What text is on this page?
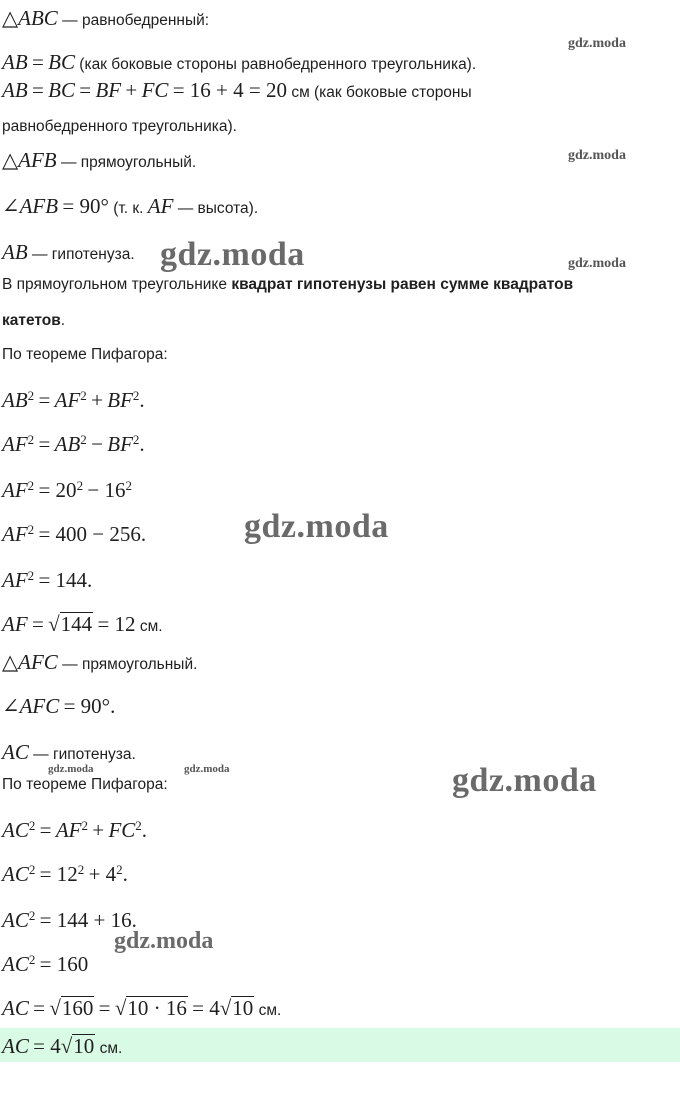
△ABC — равнобедренный:
AB = BC (как боковые стороны равнобедренного треугольника).
AB = BC = BF + FC = 16 + 4 = 20 см (как боковые стороны
равнобедренного треугольника).
△AFB — прямоугольный.
∠AFB = 90° (т. к. AF — высота).
AB — гипотенуза.
В прямоугольном треугольнике квадрат гипотенузы равен сумме квадратов
катетов.
По теореме Пифагора:
$AB^2 = AF^2 + BF^2$.
$AF^2 = AB^2 - BF^2$.
$AF^2 = 20^2 - 16^2$
$AF^2 = 400 - 256$.
$AF^2 = 144$.
AF = √144 = 12 см.
△AFC — прямоугольный.
∠AFC = 90°.
AC — гипотенуза.
По теореме Пифагора:
$AC^2 = AF^2 + FC^2$.
$AC^2 = 12^2 + 4^2$.
$AC^2 = 144 + 16$.
$AC^2 = 160$
AC = √160 = √10 · 16 = 4√10 см.
AC = 4√10 см.
gdz.moda
gdz.moda
gdz.moda	gdz.moda
gdz.moda
gdz.moda	gdz.moda	gdz.moda
gdz.moda
